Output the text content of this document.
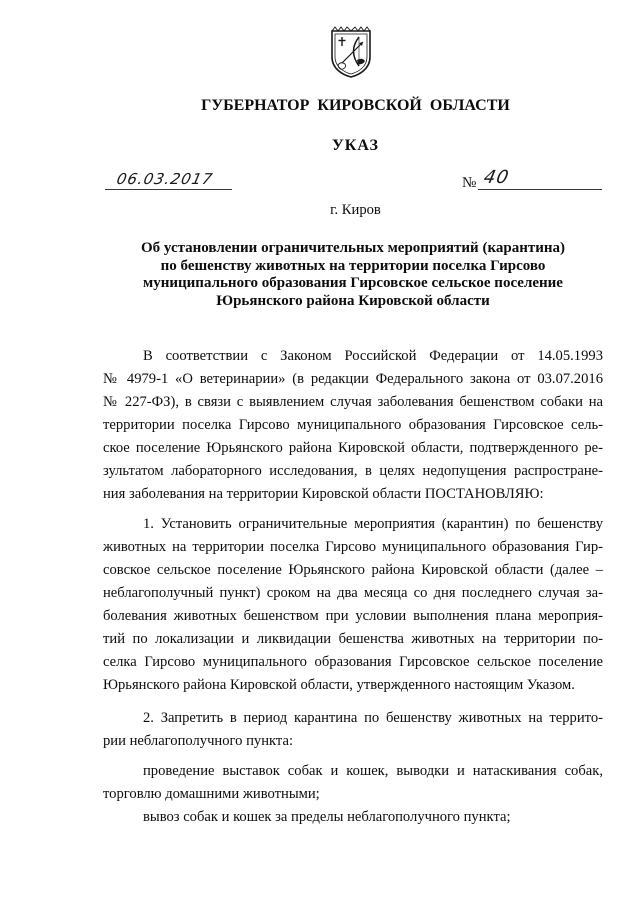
ГУБЕРНАТОР КИРОВСКОЙ ОБЛАСТИ
УКАЗ
06.03.2017	№ 40
г. Киров
Об установлении ограничительных мероприятий (карантина)
по бешенству животных на территории поселка Гирсово
муниципального образования Гирсовское сельское поселение
Юрьянского района Кировской области
В соответствии с Законом Российской Федерации от 14.05.1993
№ 4979-1 «О ветеринарии» (в редакции Федерального закона от 03.07.2016
№ 227-ФЗ), в связи с выявлением случая заболевания бешенством собаки на
территории поселка Гирсово муниципального образования Гирсовское сель-
ское поселение Юрьянского района Кировской области, подтвержденного ре-
зультатом лабораторного исследования, в целях недопущения распростране-
ния заболевания на территории Кировской области ПОСТАНОВЛЯЮ:
1. Установить ограничительные мероприятия (карантин) по бешенству
животных на территории поселка Гирсово муниципального образования Гир-
совское сельское поселение Юрьянского района Кировской области (далее –
неблагополучный пункт) сроком на два месяца со дня последнего случая за-
болевания животных бешенством при условии выполнения плана мероприя-
тий по локализации и ликвидации бешенства животных на территории по-
селка Гирсово муниципального образования Гирсовское сельское поселение
Юрьянского района Кировской области, утвержденного настоящим Указом.
2. Запретить в период карантина по бешенству животных на террито-
рии неблагополучного пункта:
проведение выставок собак и кошек, выводки и натаскивания собак,
торговлю домашними животными;
вывоз собак и кошек за пределы неблагополучного пункта;
